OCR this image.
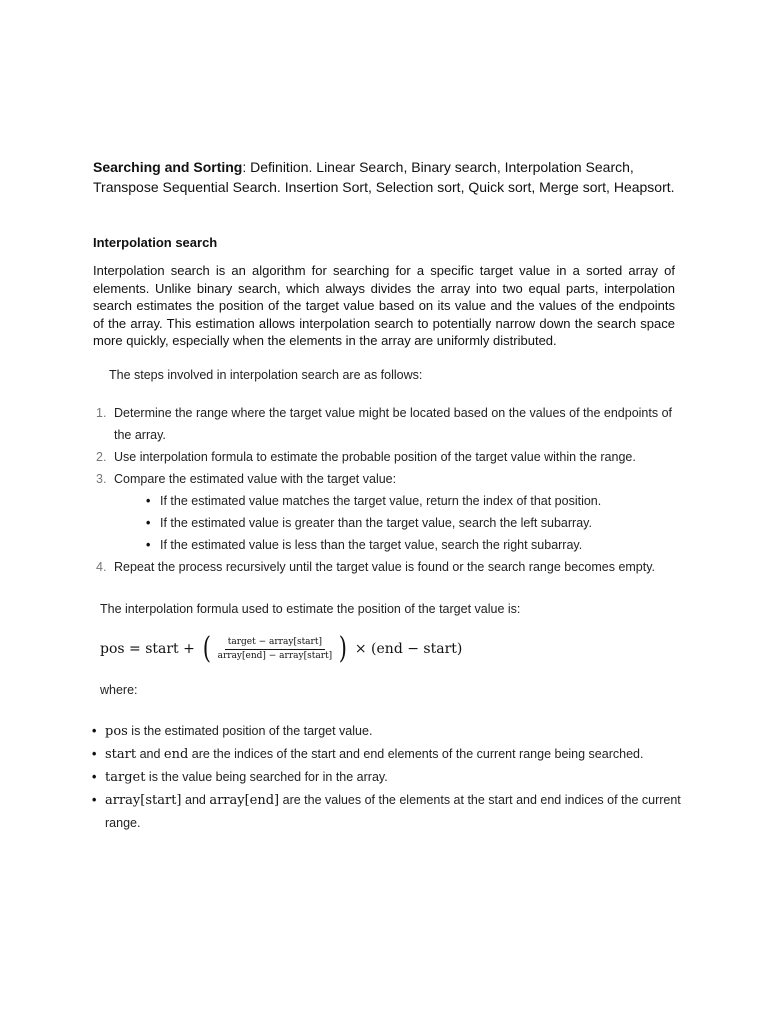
Searching and Sorting: Definition. Linear Search, Binary search, Interpolation Search, Transpose Sequential Search. Insertion Sort, Selection sort, Quick sort, Merge sort, Heapsort.

Interpolation search

Interpolation search is an algorithm for searching for a specific target value in a sorted array of elements. Unlike binary search, which always divides the array into two equal parts, interpolation search estimates the position of the target value based on its value and the values of the endpoints of the array. This estimation allows interpolation search to potentially narrow down the search space more quickly, especially when the elements in the array are uniformly distributed.

The steps involved in interpolation search are as follows:
1. Determine the range where the target value might be located based on the values of the endpoints of the array.
2. Use interpolation formula to estimate the probable position of the target value within the range.
3. Compare the estimated value with the target value:
• If the estimated value matches the target value, return the index of that position.
• If the estimated value is greater than the target value, search the left subarray.
• If the estimated value is less than the target value, search the right subarray.
4. Repeat the process recursively until the target value is found or the search range becomes empty.
The interpolation formula used to estimate the position of the target value is:
pos = start + ( $\frac{\text{target − array[start]}}{\text{array[end] − array[start]}}$ ) × (end − start)
where:
• pos is the estimated position of the target value.
• start and end are the indices of the start and end elements of the current range being searched.
• target is the value being searched for in the array.
• array[start] and array[end] are the values of the elements at the start and end indices of the current range.
